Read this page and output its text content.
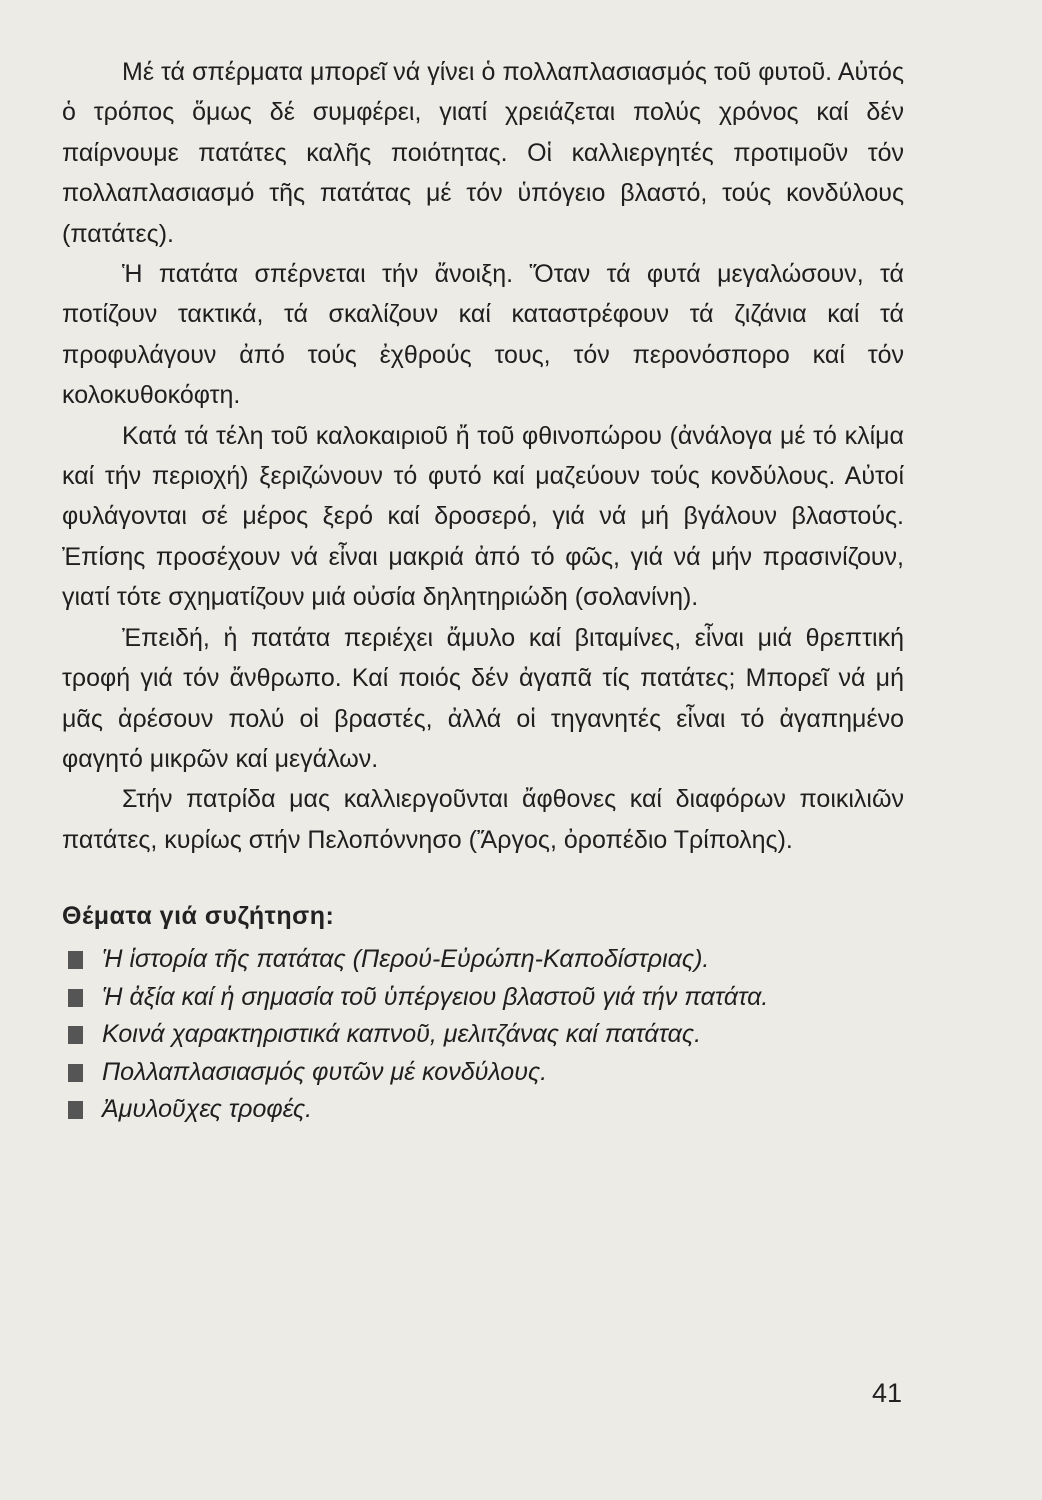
Μέ τά σπέρματα μπορεῖ νά γίνει ὁ πολλαπλασιασμός τοῦ φυτοῦ. Αὐτός ὁ τρόπος ὅμως δέ συμφέρει, γιατί χρειάζεται πολύς χρόνος καί δέν παίρνουμε πατάτες καλῆς ποιότητας. Οἱ καλλιεργητές προτιμοῦν τόν πολλαπλασιασμό τῆς πατάτας μέ τόν ὑπόγειο βλαστό, τούς κονδύλους (πατάτες).

Ἡ πατάτα σπέρνεται τήν ἄνοιξη. Ὅταν τά φυτά μεγαλώσουν, τά ποτίζουν τακτικά, τά σκαλίζουν καί καταστρέφουν τά ζιζάνια καί τά προφυλάγουν ἀπό τούς ἐχθρούς τους, τόν περονόσπορο καί τόν κολοκυθοκόφτη.

Κατά τά τέλη τοῦ καλοκαιριοῦ ἤ τοῦ φθινοπώρου (ἀνάλογα μέ τό κλίμα καί τήν περιοχή) ξεριζώνουν τό φυτό καί μαζεύουν τούς κονδύλους. Αὐτοί φυλάγονται σέ μέρος ξερό καί δροσερό, γιά νά μή βγάλουν βλαστούς. Ἐπίσης προσέχουν νά εἶναι μακριά ἀπό τό φῶς, γιά νά μήν πρασινίζουν, γιατί τότε σχηματίζουν μιά οὐσία δηλητηριώδη (σολανίνη).

Ἐπειδή, ἡ πατάτα περιέχει ἄμυλο καί βιταμίνες, εἶναι μιά θρεπτική τροφή γιά τόν ἄνθρωπο. Καί ποιός δέν ἀγαπᾶ τίς πατάτες; Μπορεῖ νά μή μᾶς ἀρέσουν πολύ οἱ βραστές, ἀλλά οἱ τηγανητές εἶναι τό ἀγαπημένο φαγητό μικρῶν καί μεγάλων.

Στήν πατρίδα μας καλλιεργοῦνται ἄφθονες καί διαφόρων ποικιλιῶν πατάτες, κυρίως στήν Πελοπόννησο (Ἄργος, ὀροπέδιο Τρίπολης).

Θέματα γιά συζήτηση:
Ἡ ἱστορία τῆς πατάτας (Περού-Εὐρώπη-Καποδίστριας).
Ἡ ἀξία καί ἡ σημασία τοῦ ὑπέργειου βλαστοῦ γιά τήν πατάτα.
Κοινά χαρακτηριστικά καπνοῦ, μελιτζάνας καί πατάτας.
Πολλαπλασιασμός φυτῶν μέ κονδύλους.
Ἀμυλοῦχες τροφές.
41
